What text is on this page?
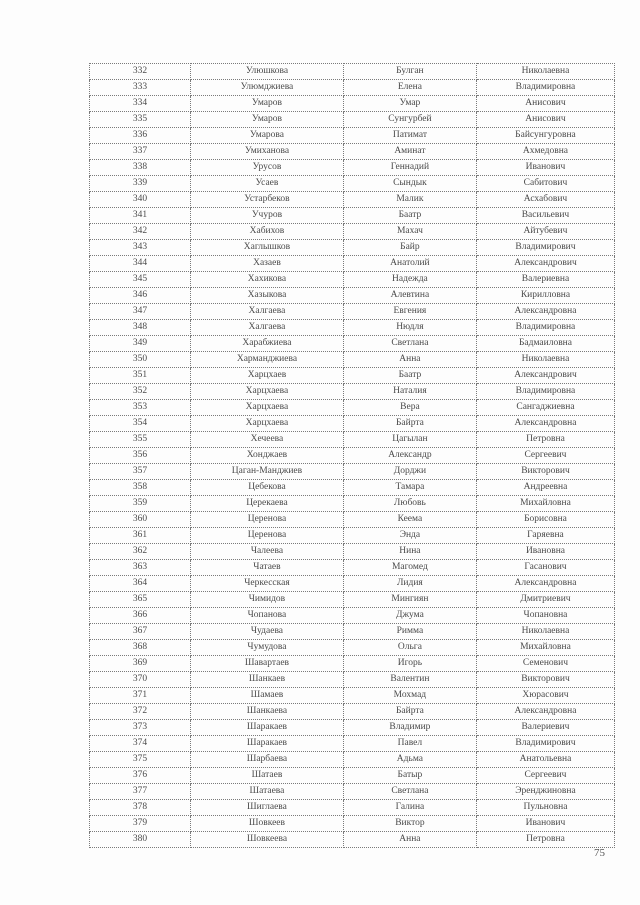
332	Улюшкова	Булган	Николаевна
333	Улюмджиева	Елена	Владимировна
334	Умаров	Умар	Анисович
335	Умаров	Сунгурбей	Анисович
336	Умарова	Патимат	Байсунгуровна
337	Умиханова	Аминат	Ахмедовна
338	Урусов	Геннадий	Иванович
339	Усаев	Сындык	Сабитович
340	Устарбеков	Малик	Асхабович
341	Учуров	Баатр	Васильевич
342	Хабихов	Махач	Айтубевич
343	Хаглышков	Байр	Владимирович
344	Хазаев	Анатолий	Александрович
345	Хахикова	Надежда	Валериевна
346	Хазыкова	Алевтина	Кирилловна
347	Халгаева	Евгения	Александровна
348	Халгаева	Нюдля	Владимировна
349	Харабжиева	Светлана	Бадмаиловна
350	Харманджиева	Анна	Николаевна
351	Харцхаев	Баатр	Александрович
352	Харцхаева	Наталия	Владимировна
353	Харцхаева	Вера	Сангаджиевна
354	Харцхаева	Байрта	Александровна
355	Хечеева	Цагылан	Петровна
356	Хонджаев	Александр	Сергеевич
357	Цаган-Манджиев	Дорджи	Викторович
358	Цебекова	Тамара	Андреевна
359	Церекаева	Любовь	Михайловна
360	Церенова	Кеема	Борисовна
361	Церенова	Энда	Гаряевна
362	Чалеева	Нина	Ивановна
363	Чатаев	Магомед	Гасанович
364	Черкесская	Лидия	Александровна
365	Чимидов	Мингиян	Дмитриевич
366	Чопанова	Джума	Чопановна
367	Чудаева	Римма	Николаевна
368	Чумудова	Ольга	Михайловна
369	Шавартаев	Игорь	Семенович
370	Шанкаев	Валентин	Викторович
371	Шамаев	Мохмад	Хюрасович
372	Шанкаева	Байрта	Александровна
373	Шаракаев	Владимир	Валериевич
374	Шаракаев	Павел	Владимирович
375	Шарбаева	Адьма	Анатольевна
376	Шатаев	Батыр	Сергеевич
377	Шатаева	Светлана	Эренджиновна
378	Шиглаева	Галина	Пульновна
379	Шовкеев	Виктор	Иванович
380	Шовкеева	Анна	Петровна
75
